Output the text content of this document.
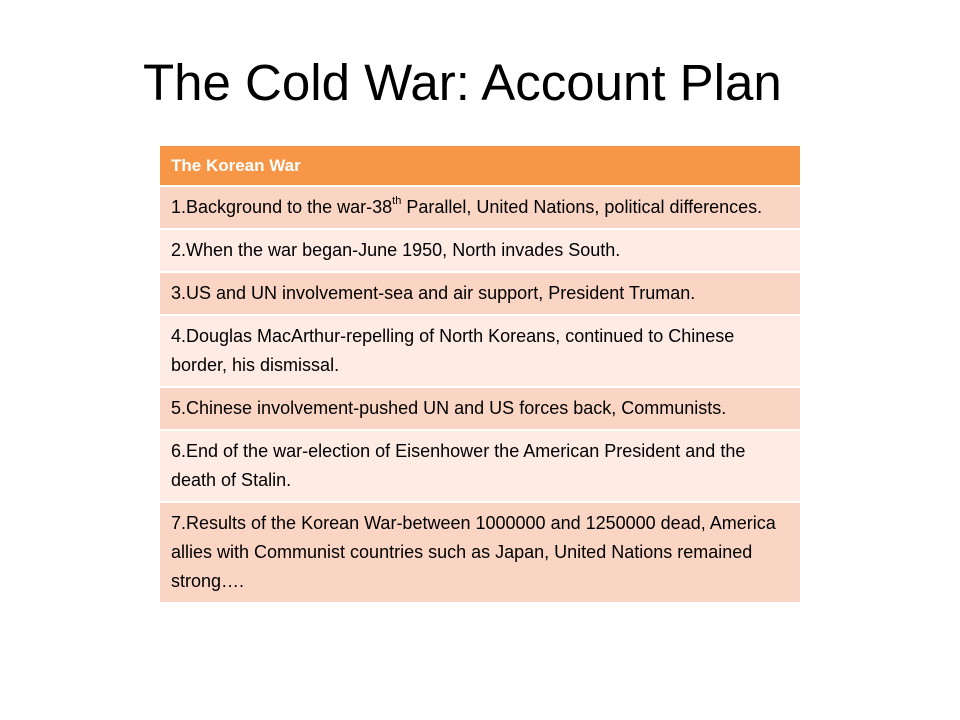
The Cold War: Account Plan
The Korean War
1.Background to the war-38th Parallel, United Nations, political differences.
2.When the war began-June 1950, North invades South.
3.US and UN involvement-sea and air support, President Truman.
4.Douglas MacArthur-repelling of North Koreans, continued to Chinese border, his dismissal.
5.Chinese involvement-pushed UN and US forces back, Communists.
6.End of the war-election of Eisenhower the American President and the death of Stalin.
7.Results of the Korean War-between 1000000 and 1250000 dead, America allies with Communist countries such as Japan, United Nations remained strong….
